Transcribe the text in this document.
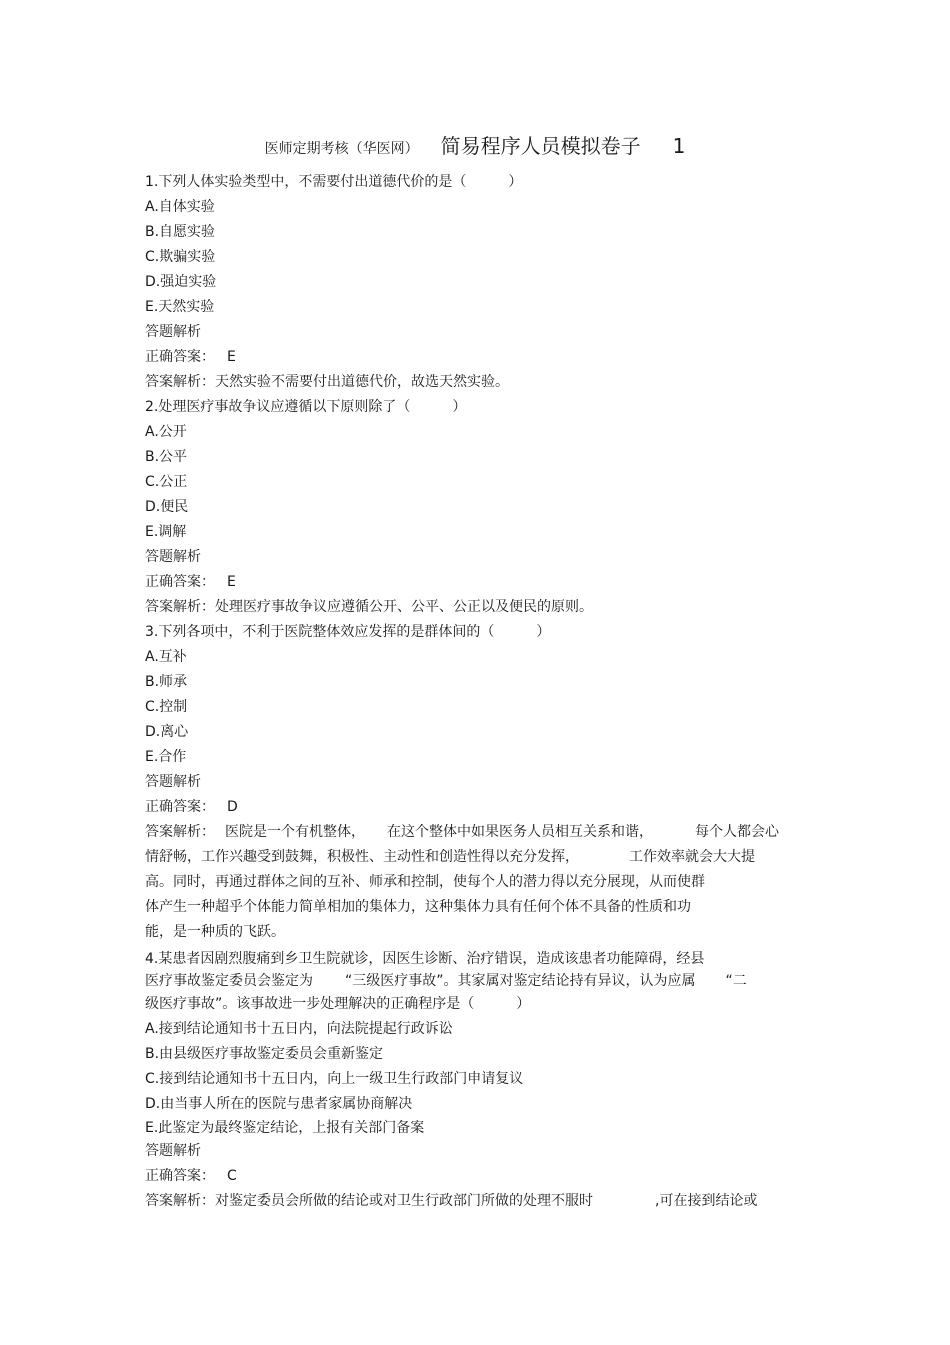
医师定期考核（华医网） 简易程序人员模拟卷子 1
1.下列人体实验类型中，不需要付出道德代价的是（　　　）
A.自体实验
B.自愿实验
C.欺骗实验
D.强迫实验
E.天然实验
答题解析
正确答案： E
答案解析：天然实验不需要付出道德代价，故选天然实验。
2.处理医疗事故争议应遵循以下原则除了（　　　）
A.公开
B.公平
C.公正
D.便民
E.调解
答题解析
正确答案： E
答案解析：处理医疗事故争议应遵循公开、公平、公正以及便民的原则。
3.下列各项中，不利于医院整体效应发挥的是群体间的（　　　）
A.互补
B.师承
C.控制
D.离心
E.合作
答题解析
正确答案： D
答案解析： 医院是一个有机整体， 在这个整体中如果医务人员相互关系和谐，	每个人都会心
情舒畅，工作兴趣受到鼓舞，积极性、主动性和创造性得以充分发挥，	工作效率就会大大提
高。同时，再通过群体之间的互补、师承和控制，使每个人的潜力得以充分展现，从而使群
体产生一种超乎个体能力简单相加的集体力，这种集体力具有任何个体不具备的性质和功
能，是一种质的飞跃。
4.某患者因剧烈腹痛到乡卫生院就诊，因医生诊断、治疗错误，造成该患者功能障碍，经县
医疗事故鉴定委员会鉴定为 “三级医疗事故”。其家属对鉴定结论持有异议，认为应属 “二
级医疗事故”。该事故进一步处理解决的正确程序是（　　　）
A.接到结论通知书十五日内，向法院提起行政诉讼
B.由县级医疗事故鉴定委员会重新鉴定
C.接到结论通知书十五日内，向上一级卫生行政部门申请复议
D.由当事人所在的医院与患者家属协商解决
E.此鉴定为最终鉴定结论，上报有关部门备案
答题解析
正确答案： C
答案解析：对鉴定委员会所做的结论或对卫生行政部门所做的处理不服时	,可在接到结论或
